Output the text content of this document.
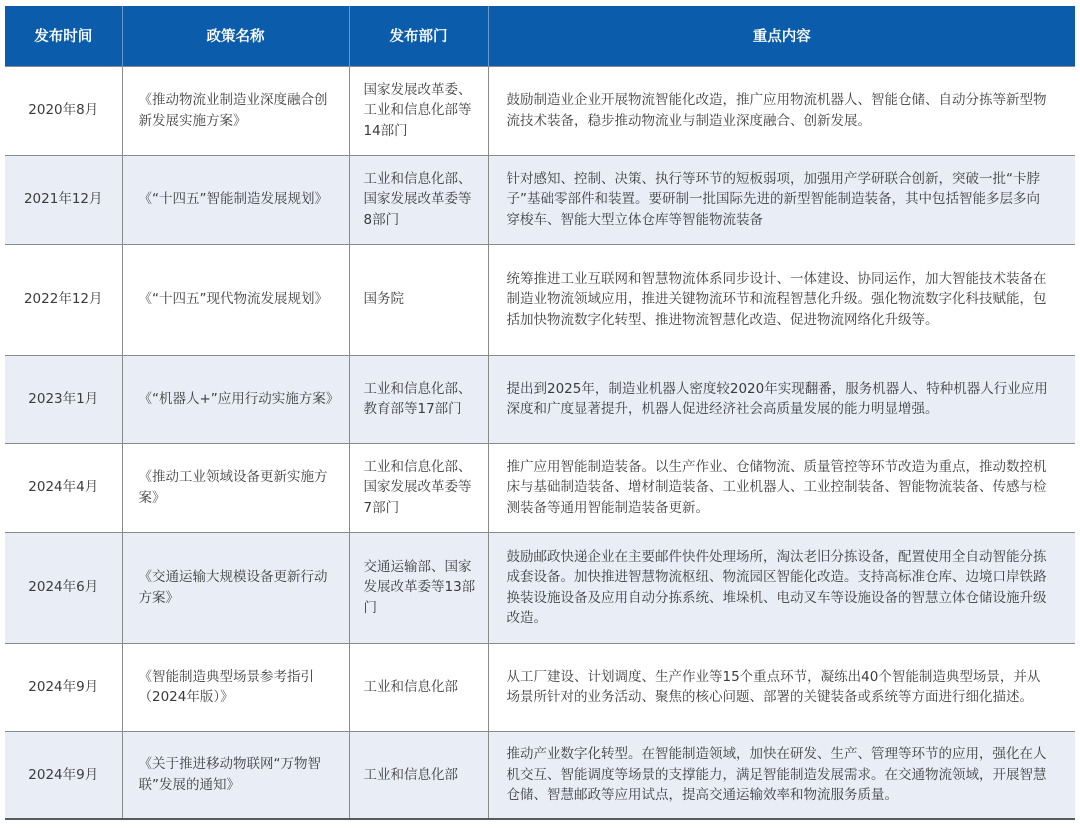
发布时间	政策名称	发布部门	重点内容
2020年8月	《推动物流业制造业深度融合创新发展实施方案》	国家发展改革委、工业和信息化部等14部门	鼓励制造业企业开展物流智能化改造，推广应用物流机器人、智能仓储、自动分拣等新型物流技术装备，稳步推动物流业与制造业深度融合、创新发展。
2021年12月	《“十四五”智能制造发展规划》	工业和信息化部、国家发展改革委等8部门	针对感知、控制、决策、执行等环节的短板弱项，加强用产学研联合创新，突破一批“卡脖子”基础零部件和装置。要研制一批国际先进的新型智能制造装备，其中包括智能多层多向穿梭车、智能大型立体仓库等智能物流装备
2022年12月	《“十四五”现代物流发展规划》	国务院	统筹推进工业互联网和智慧物流体系同步设计、一体建设、协同运作，加大智能技术装备在制造业物流领域应用，推进关键物流环节和流程智慧化升级。强化物流数字化科技赋能，包括加快物流数字化转型、推进物流智慧化改造、促进物流网络化升级等。
2023年1月	《“机器人+”应用行动实施方案》	工业和信息化部、教育部等17部门	提出到2025年，制造业机器人密度较2020年实现翻番，服务机器人、特种机器人行业应用深度和广度显著提升，机器人促进经济社会高质量发展的能力明显增强。
2024年4月	《推动工业领域设备更新实施方案》	工业和信息化部、国家发展改革委等7部门	推广应用智能制造装备。以生产作业、仓储物流、质量管控等环节改造为重点，推动数控机床与基础制造装备、增材制造装备、工业机器人、工业控制装备、智能物流装备、传感与检测装备等通用智能制造装备更新。
2024年6月	《交通运输大规模设备更新行动方案》	交通运输部、国家发展改革委等13部门	鼓励邮政快递企业在主要邮件快件处理场所，淘汰老旧分拣设备，配置使用全自动智能分拣成套设备。加快推进智慧物流枢纽、物流园区智能化改造。支持高标准仓库、边境口岸铁路换装设施设备及应用自动分拣系统、堆垛机、电动叉车等设施设备的智慧立体仓储设施升级改造。
2024年9月	《智能制造典型场景参考指引（2024年版）》	工业和信息化部	从工厂建设、计划调度、生产作业等15个重点环节，凝练出40个智能制造典型场景，并从场景所针对的业务活动、聚焦的核心问题、部署的关键装备或系统等方面进行细化描述。
2024年9月	《关于推进移动物联网“万物智联”发展的通知》	工业和信息化部	推动产业数字化转型。在智能制造领域，加快在研发、生产、管理等环节的应用，强化在人机交互、智能调度等场景的支撑能力，满足智能制造发展需求。在交通物流领域，开展智慧仓储、智慧邮政等应用试点，提高交通运输效率和物流服务质量。
